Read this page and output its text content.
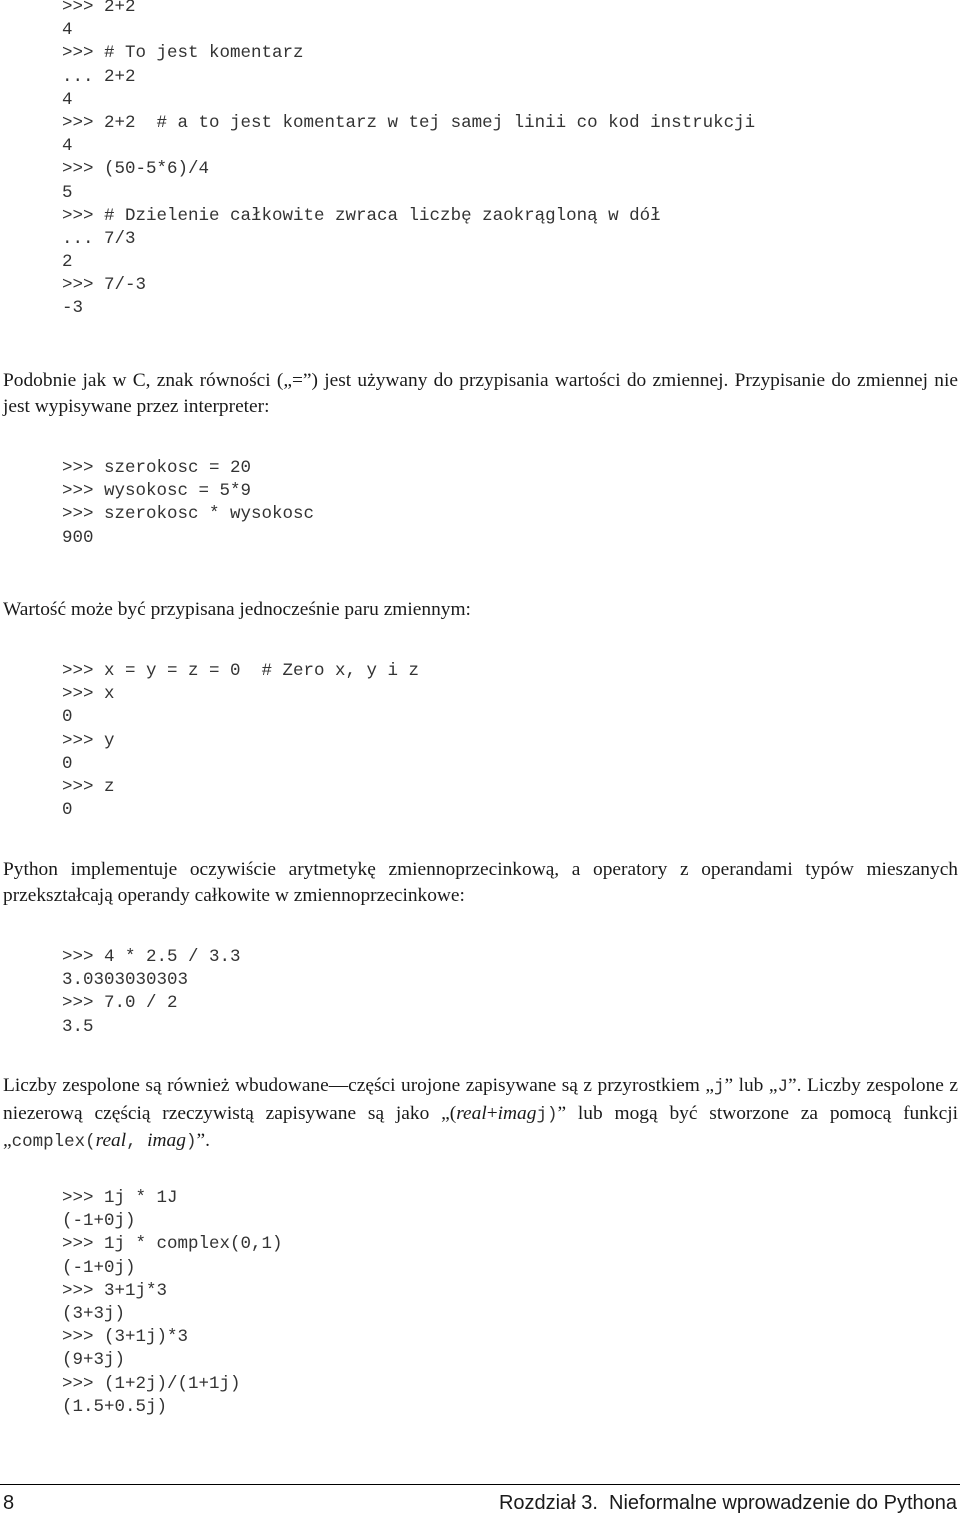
>>> 2+2
4
>>> # To jest komentarz
... 2+2
4
>>> 2+2  # a to jest komentarz w tej samej linii co kod instrukcji
4
>>> (50-5*6)/4
5
>>> # Dzielenie całkowite zwraca liczbę zaokrągloną w dół
... 7/3
2
>>> 7/-3
-3

Podobnie jak w C, znak równości („=”) jest używany do przypisania wartości do zmiennej. Przypisanie do zmiennej nie jest wypisywane przez interpreter:

>>> szerokosc = 20
>>> wysokosc = 5*9
>>> szerokosc * wysokosc
900

Wartość może być przypisana jednocześnie paru zmiennym:

>>> x = y = z = 0  # Zero x, y i z
>>> x
0
>>> y
0
>>> z
0

Python implementuje oczywiście arytmetykę zmiennoprzecinkową, a operatory z operandami typów mieszanych przekształcają operandy całkowite w zmiennoprzecinkowe:

>>> 4 * 2.5 / 3.3
3.0303030303
>>> 7.0 / 2
3.5

Liczby zespolone są również wbudowane—części urojone zapisywane są z przyrostkiem „j” lub „J”. Liczby zespolone z niezerową częścią rzeczywistą zapisywane są jako „(real+imagj)” lub mogą być stworzone za pomocą funkcji „complex(real, imag)”.

>>> 1j * 1J
(-1+0j)
>>> 1j * complex(0,1)
(-1+0j)
>>> 3+1j*3
(3+3j)
>>> (3+1j)*3
(9+3j)
>>> (1+2j)/(1+1j)
(1.5+0.5j)
8	Rozdział 3.  Nieformalne wprowadzenie do Pythona
